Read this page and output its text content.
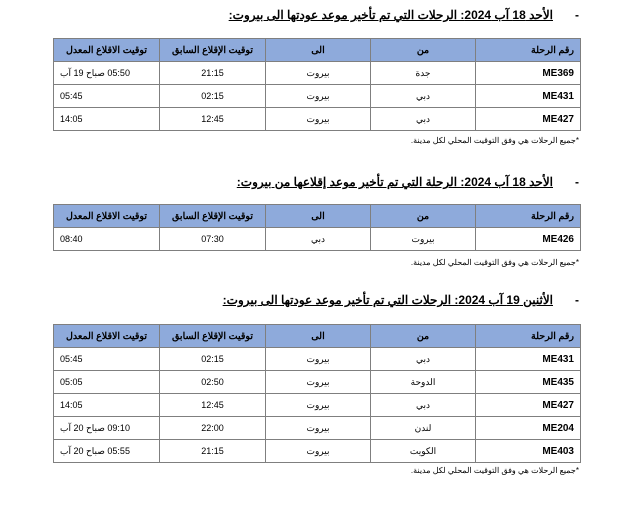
-الأحد 18 آب 2024: الرحلات التي تم تأخير موعد عودتها الى بيروت:
رقم الرحلة	من	الى	توقيت الإقلاع السابق	توقيت الاقلاع المعدل
ME369	جدة	بيروت	21:15	05:50 صباح 19 آب
ME431	دبي	بيروت	02:15	05:45
ME427	دبي	بيروت	12:45	14:05
*جميع الرحلات هي وفق التوقيت المحلي لكل مدينة.
-الأحد 18 آب 2024: الرحلة التي تم تأخير موعد إقلاعها من بيروت:
رقم الرحلة	من	الى	توقيت الإقلاع السابق	توقيت الاقلاع المعدل
ME426	بيروت	دبي	07:30	08:40
*جميع الرحلات هي وفق التوقيت المحلي لكل مدينة.
-الأثنين 19 آب 2024: الرحلات التي تم تأخير موعد عودتها الى بيروت:
رقم الرحلة	من	الى	توقيت الإقلاع السابق	توقيت الاقلاع المعدل
ME431	دبي	بيروت	02:15	05:45
ME435	الدوحة	بيروت	02:50	05:05
ME427	دبي	بيروت	12:45	14:05
ME204	لندن	بيروت	22:00	09:10 صباح 20 آب
ME403	الكويت	بيروت	21:15	05:55 صباح 20 آب
*جميع الرحلات هي وفق التوقيت المحلي لكل مدينة.
